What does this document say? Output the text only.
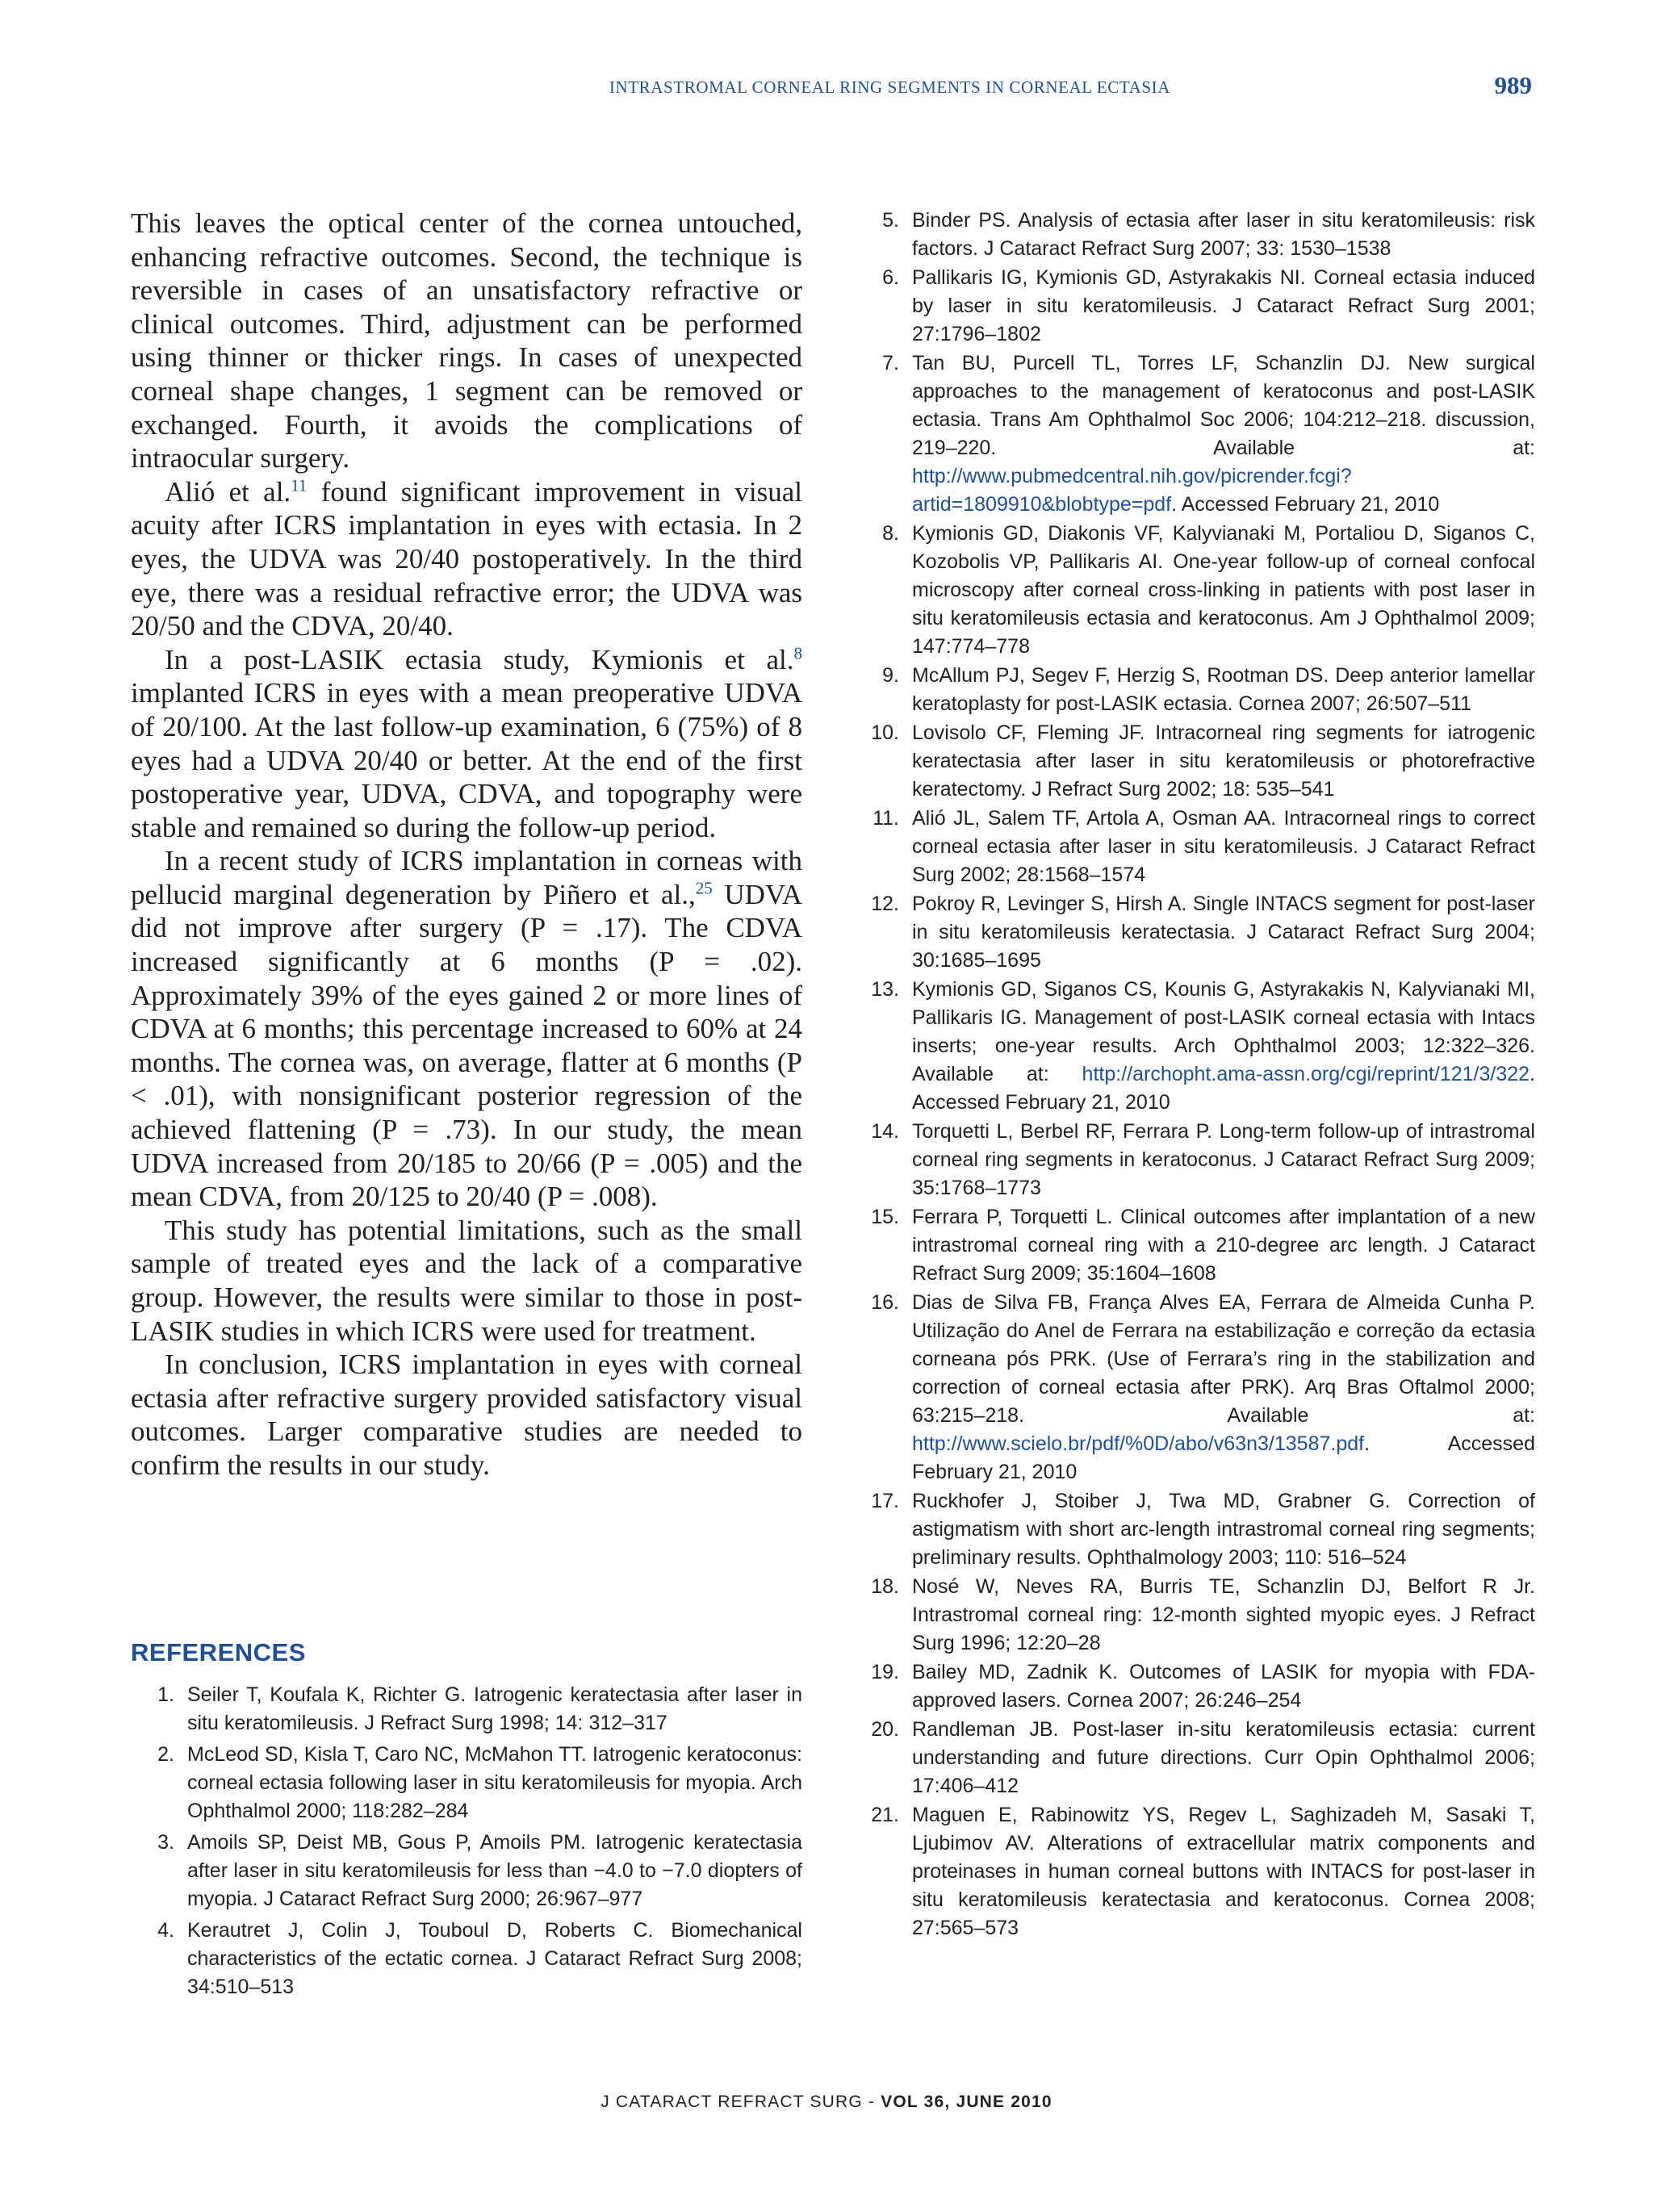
INTRASTROMAL CORNEAL RING SEGMENTS IN CORNEAL ECTASIA	989

This leaves the optical center of the cornea untouched, enhancing refractive outcomes. Second, the technique is reversible in cases of an unsatisfactory refractive or clinical outcomes. Third, adjustment can be performed using thinner or thicker rings. In cases of unexpected corneal shape changes, 1 segment can be removed or exchanged. Fourth, it avoids the complications of intraocular surgery.

Alió et al.$^{11}$ found significant improvement in visual acuity after ICRS implantation in eyes with ectasia. In 2 eyes, the UDVA was 20/40 postoperatively. In the third eye, there was a residual refractive error; the UDVA was 20/50 and the CDVA, 20/40.

In a post-LASIK ectasia study, Kymionis et al.$^8$ implanted ICRS in eyes with a mean preoperative UDVA of 20/100. At the last follow-up examination, 6 (75%) of 8 eyes had a UDVA 20/40 or better. At the end of the first postoperative year, UDVA, CDVA, and topography were stable and remained so during the follow-up period.

In a recent study of ICRS implantation in corneas with pellucid marginal degeneration by Piñero et al.,$^{25}$ UDVA did not improve after surgery (P = .17). The CDVA increased significantly at 6 months (P = .02). Approximately 39% of the eyes gained 2 or more lines of CDVA at 6 months; this percentage increased to 60% at 24 months. The cornea was, on average, flatter at 6 months (P < .01), with nonsignificant posterior regression of the achieved flattening (P = .73). In our study, the mean UDVA increased from 20/185 to 20/66 (P = .005) and the mean CDVA, from 20/125 to 20/40 (P = .008).

This study has potential limitations, such as the small sample of treated eyes and the lack of a comparative group. However, the results were similar to those in post-LASIK studies in which ICRS were used for treatment.

In conclusion, ICRS implantation in eyes with corneal ectasia after refractive surgery provided satisfactory visual outcomes. Larger comparative studies are needed to confirm the results in our study.

REFERENCES
1. Seiler T, Koufala K, Richter G. Iatrogenic keratectasia after laser in situ keratomileusis. J Refract Surg 1998; 14: 312–317
2. McLeod SD, Kisla T, Caro NC, McMahon TT. Iatrogenic keratoconus: corneal ectasia following laser in situ keratomileusis for myopia. Arch Ophthalmol 2000; 118:282–284
3. Amoils SP, Deist MB, Gous P, Amoils PM. Iatrogenic keratectasia after laser in situ keratomileusis for less than −4.0 to −7.0 diopters of myopia. J Cataract Refract Surg 2000; 26:967–977
4. Kerautret J, Colin J, Touboul D, Roberts C. Biomechanical characteristics of the ectatic cornea. J Cataract Refract Surg 2008; 34:510–513
5. Binder PS. Analysis of ectasia after laser in situ keratomileusis: risk factors. J Cataract Refract Surg 2007; 33: 1530–1538
6. Pallikaris IG, Kymionis GD, Astyrakakis NI. Corneal ectasia induced by laser in situ keratomileusis. J Cataract Refract Surg 2001; 27:1796–1802
7. Tan BU, Purcell TL, Torres LF, Schanzlin DJ. New surgical approaches to the management of keratoconus and post-LASIK ectasia. Trans Am Ophthalmol Soc 2006; 104:212–218. discussion, 219–220. Available at: http://www.pubmedcentral.nih.gov/picrender.fcgi?artid=1809910&blobtype=pdf. Accessed February 21, 2010
8. Kymionis GD, Diakonis VF, Kalyvianaki M, Portaliou D, Siganos C, Kozobolis VP, Pallikaris AI. One-year follow-up of corneal confocal microscopy after corneal cross-linking in patients with post laser in situ keratomileusis ectasia and keratoconus. Am J Ophthalmol 2009; 147:774–778
9. McAllum PJ, Segev F, Herzig S, Rootman DS. Deep anterior lamellar keratoplasty for post-LASIK ectasia. Cornea 2007; 26:507–511
10. Lovisolo CF, Fleming JF. Intracorneal ring segments for iatrogenic keratectasia after laser in situ keratomileusis or photorefractive keratectomy. J Refract Surg 2002; 18: 535–541
11. Alió JL, Salem TF, Artola A, Osman AA. Intracorneal rings to correct corneal ectasia after laser in situ keratomileusis. J Cataract Refract Surg 2002; 28:1568–1574
12. Pokroy R, Levinger S, Hirsh A. Single INTACS segment for post-laser in situ keratomileusis keratectasia. J Cataract Refract Surg 2004; 30:1685–1695
13. Kymionis GD, Siganos CS, Kounis G, Astyrakakis N, Kalyvianaki MI, Pallikaris IG. Management of post-LASIK corneal ectasia with Intacs inserts; one-year results. Arch Ophthalmol 2003; 12:322–326. Available at: http://archopht.ama-assn.org/cgi/reprint/121/3/322. Accessed February 21, 2010
14. Torquetti L, Berbel RF, Ferrara P. Long-term follow-up of intrastromal corneal ring segments in keratoconus. J Cataract Refract Surg 2009; 35:1768–1773
15. Ferrara P, Torquetti L. Clinical outcomes after implantation of a new intrastromal corneal ring with a 210-degree arc length. J Cataract Refract Surg 2009; 35:1604–1608
16. Dias de Silva FB, França Alves EA, Ferrara de Almeida Cunha P. Utilização do Anel de Ferrara na estabilização e correção da ectasia corneana pós PRK. (Use of Ferrara’s ring in the stabilization and correction of corneal ectasia after PRK). Arq Bras Oftalmol 2000; 63:215–218. Available at: http://www.scielo.br/pdf/%0D/abo/v63n3/13587.pdf. Accessed February 21, 2010
17. Ruckhofer J, Stoiber J, Twa MD, Grabner G. Correction of astigmatism with short arc-length intrastromal corneal ring segments; preliminary results. Ophthalmology 2003; 110: 516–524
18. Nosé W, Neves RA, Burris TE, Schanzlin DJ, Belfort R Jr. Intrastromal corneal ring: 12-month sighted myopic eyes. J Refract Surg 1996; 12:20–28
19. Bailey MD, Zadnik K. Outcomes of LASIK for myopia with FDA-approved lasers. Cornea 2007; 26:246–254
20. Randleman JB. Post-laser in-situ keratomileusis ectasia: current understanding and future directions. Curr Opin Ophthalmol 2006; 17:406–412
21. Maguen E, Rabinowitz YS, Regev L, Saghizadeh M, Sasaki T, Ljubimov AV. Alterations of extracellular matrix components and proteinases in human corneal buttons with INTACS for post-laser in situ keratomileusis keratectasia and keratoconus. Cornea 2008; 27:565–573
J CATARACT REFRACT SURG - VOL 36, JUNE 2010
